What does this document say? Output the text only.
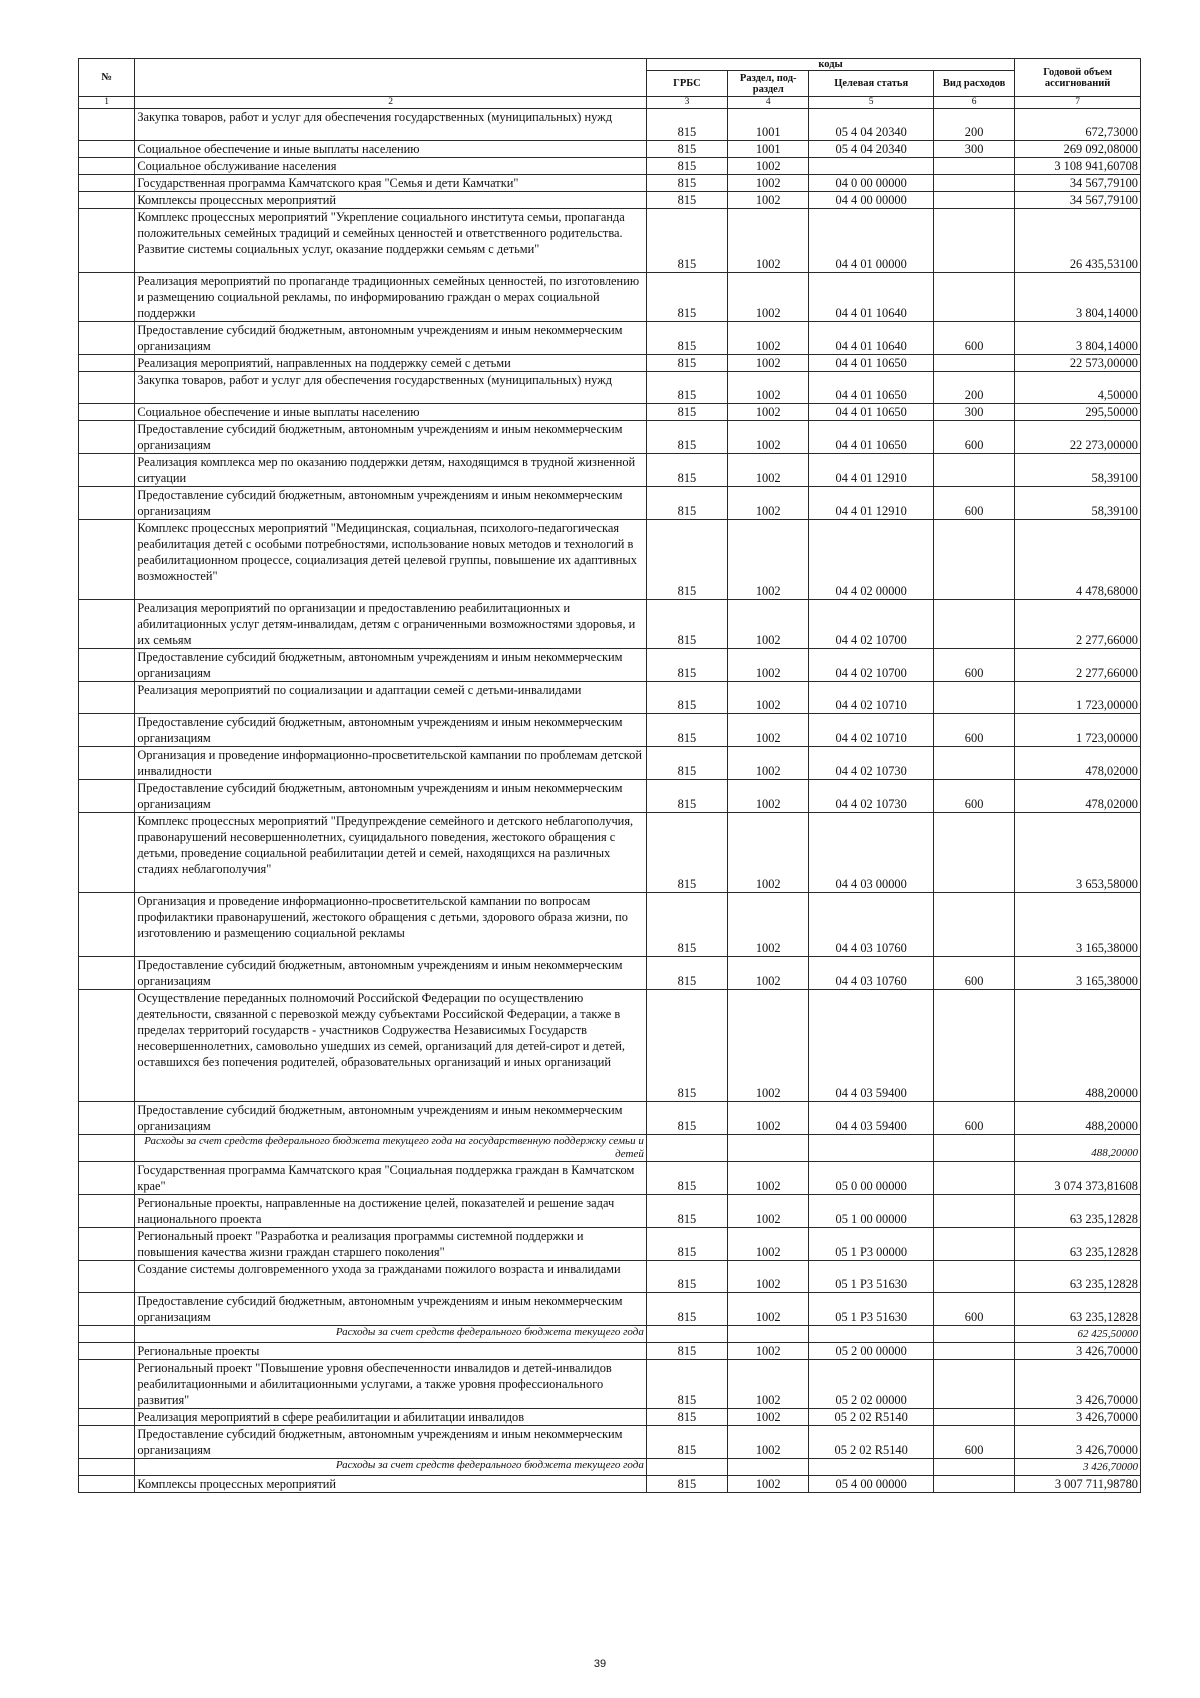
№		коды				Годовой объем ассигнований
		ГРБС	Раздел, под-раздел	Целевая статья	Вид расходов	
1	2	3	4	5	6	7
	Закупка товаров, работ и услуг для обеспечения государственных (муниципальных) нужд	815	1001	05 4 04 20340	200	672,73000
	Социальное обеспечение и иные выплаты населению	815	1001	05 4 04 20340	300	269 092,08000
	Социальное обслуживание населения	815	1002			3 108 941,60708
	Государственная программа Камчатского края "Семья и дети Камчатки"	815	1002	04 0 00 00000		34 567,79100
	Комплексы процессных мероприятий	815	1002	04 4 00 00000		34 567,79100
	Комплекс процессных мероприятий "Укрепление социального института семьи, пропаганда положительных семейных традиций и семейных ценностей и ответственного родительства. Развитие системы социальных услуг, оказание поддержки семьям с детьми"	815	1002	04 4 01 00000		26 435,53100
	Реализация мероприятий по пропаганде традиционных семейных ценностей, по изготовлению и размещению социальной рекламы, по информированию граждан о мерах социальной поддержки	815	1002	04 4 01 10640		3 804,14000
	Предоставление субсидий бюджетным, автономным учреждениям и иным некоммерческим организациям	815	1002	04 4 01 10640	600	3 804,14000
	Реализация мероприятий, направленных на поддержку семей с детьми	815	1002	04 4 01 10650		22 573,00000
	Закупка товаров, работ и услуг для обеспечения государственных (муниципальных) нужд	815	1002	04 4 01 10650	200	4,50000
	Социальное обеспечение и иные выплаты населению	815	1002	04 4 01 10650	300	295,50000
	Предоставление субсидий бюджетным, автономным учреждениям и иным некоммерческим организациям	815	1002	04 4 01 10650	600	22 273,00000
	Реализация комплекса мер по оказанию поддержки детям, находящимся в трудной жизненной ситуации	815	1002	04 4 01 12910		58,39100
	Предоставление субсидий бюджетным, автономным учреждениям и иным некоммерческим организациям	815	1002	04 4 01 12910	600	58,39100
	Комплекс процессных мероприятий "Медицинская, социальная, психолого-педагогическая реабилитация детей с особыми потребностями, использование новых методов и технологий в реабилитационном процессе, социализация детей целевой группы, повышение их адаптивных возможностей"	815	1002	04 4 02 00000		4 478,68000
	Реализация мероприятий по организации и предоставлению реабилитационных и абилитационных услуг детям-инвалидам, детям с ограниченными возможностями здоровья, и их семьям	815	1002	04 4 02 10700		2 277,66000
	Предоставление субсидий бюджетным, автономным учреждениям и иным некоммерческим организациям	815	1002	04 4 02 10700	600	2 277,66000
	Реализация мероприятий по социализации и адаптации семей с детьми-инвалидами	815	1002	04 4 02 10710		1 723,00000
	Предоставление субсидий бюджетным, автономным учреждениям и иным некоммерческим организациям	815	1002	04 4 02 10710	600	1 723,00000
	Организация и проведение информационно-просветительской кампании по проблемам детской инвалидности	815	1002	04 4 02 10730		478,02000
	Предоставление субсидий бюджетным, автономным учреждениям и иным некоммерческим организациям	815	1002	04 4 02 10730	600	478,02000
	Комплекс процессных мероприятий "Предупреждение семейного и детского неблагополучия, правонарушений несовершеннолетних, суицидального поведения, жестокого обращения с детьми, проведение социальной реабилитации детей и семей, находящихся на различных стадиях неблагополучия"	815	1002	04 4 03 00000		3 653,58000
	Организация и проведение информационно-просветительской кампании по вопросам профилактики правонарушений, жестокого обращения с детьми, здорового образа жизни, по изготовлению и размещению социальной рекламы	815	1002	04 4 03 10760		3 165,38000
	Предоставление субсидий бюджетным, автономным учреждениям и иным некоммерческим организациям	815	1002	04 4 03 10760	600	3 165,38000
	Осуществление переданных полномочий Российской Федерации по осуществлению деятельности, связанной с перевозкой между субъектами Российской Федерации, а также в пределах территорий государств - участников Содружества Независимых Государств несовершеннолетних, самовольно ушедших из семей, организаций для детей-сирот и детей, оставшихся без попечения родителей, образовательных организаций и иных организаций	815	1002	04 4 03 59400		488,20000
	Предоставление субсидий бюджетным, автономным учреждениям и иным некоммерческим организациям	815	1002	04 4 03 59400	600	488,20000
	Расходы за счет средств федерального бюджета текущего года на государственную поддержку семьи и детей					488,20000
	Государственная программа Камчатского края "Социальная поддержка граждан в Камчатском крае"	815	1002	05 0 00 00000		3 074 373,81608
	Региональные проекты, направленные на достижение целей, показателей и решение задач национального проекта	815	1002	05 1 00 00000		63 235,12828
	Региональный проект "Разработка и реализация программы системной поддержки и повышения качества жизни граждан старшего поколения"	815	1002	05 1 P3 00000		63 235,12828
	Создание системы долговременного ухода за гражданами пожилого возраста и инвалидами	815	1002	05 1 P3 51630		63 235,12828
	Предоставление субсидий бюджетным, автономным учреждениям и иным некоммерческим организациям	815	1002	05 1 P3 51630	600	63 235,12828
	Расходы за счет средств федерального бюджета текущего года					62 425,50000
	Региональные проекты	815	1002	05 2 00 00000		3 426,70000
	Региональный проект "Повышение уровня обеспеченности инвалидов и детей-инвалидов реабилитационными и абилитационными услугами, а также уровня профессионального развития"	815	1002	05 2 02 00000		3 426,70000
	Реализация мероприятий в сфере реабилитации и абилитации инвалидов	815	1002	05 2 02 R5140		3 426,70000
	Предоставление субсидий бюджетным, автономным учреждениям и иным некоммерческим организациям	815	1002	05 2 02 R5140	600	3 426,70000
	Расходы за счет средств федерального бюджета текущего года					3 426,70000
	Комплексы процессных мероприятий	815	1002	05 4 00 00000		3 007 711,98780
39
